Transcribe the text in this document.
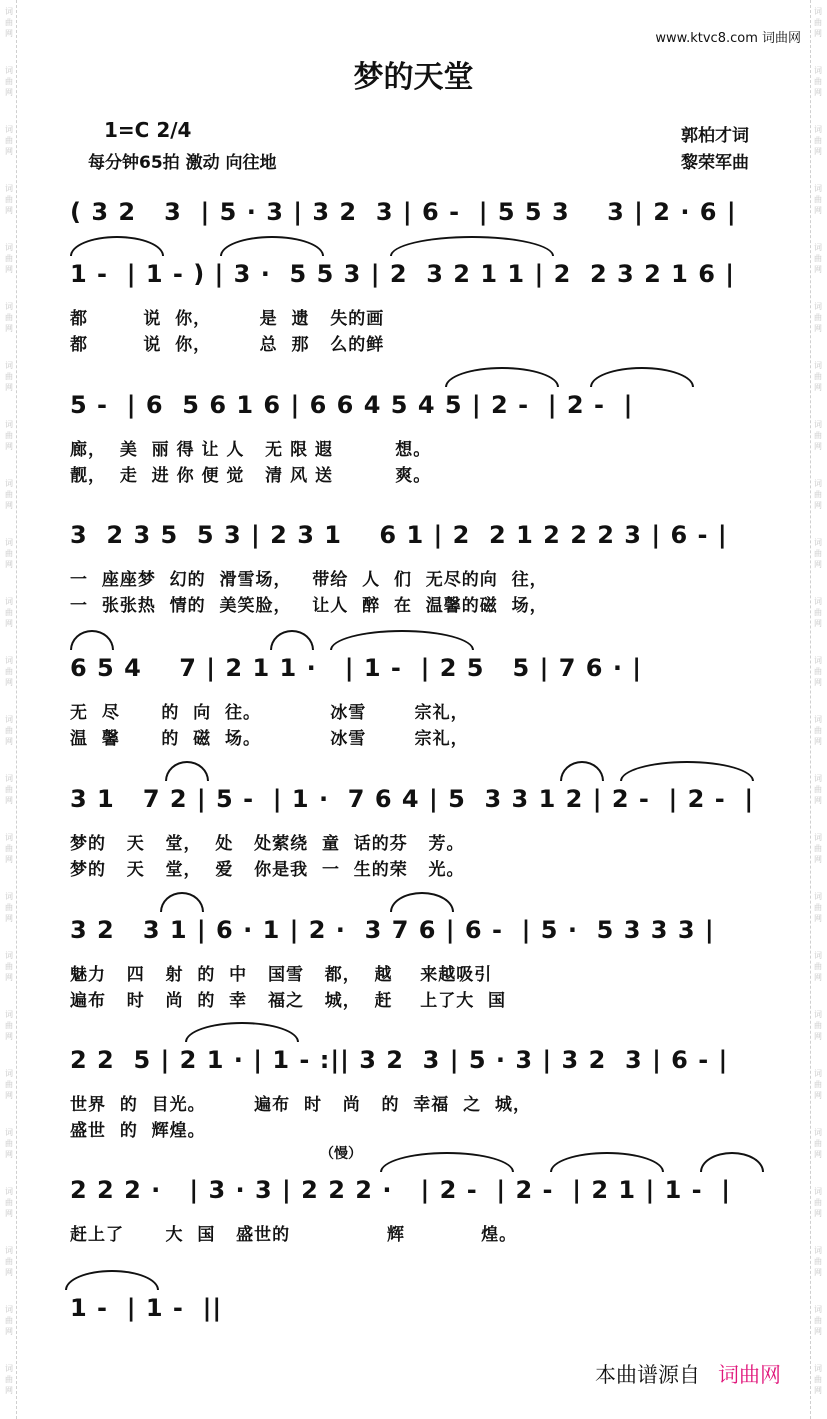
词
曲
网
词
曲
网
词
曲
网
词
曲
网
词
曲
网
词
曲
网
词
曲
网
词
曲
网
词
曲
网
词
曲
网
词
曲
网
词
曲
网
词
曲
网
词
曲
网
词
曲
网
词
曲
网
词
曲
网
词
曲
网
词
曲
网
词
曲
网
词
曲
网
词
曲
网
词
曲
网
词
曲
网
词
曲
网
词
曲
网
词
曲
网
词
曲
网
词
曲
网
词
曲
网
词
曲
网
词
曲
网
词
曲
网
词
曲
网
词
曲
网
词
曲
网
词
曲
网
词
曲
网
词
曲
网
词
曲
网
词
曲
网
词
曲
网
词
曲
网
词
曲
网
词
曲
网
词
曲
网
词
曲
网
词
曲
网
www.ktvc8.com 词曲网
梦的天堂
1=C 2/4
每分钟65拍 激动 向往地
郭柏才词
黎荣军曲
( 3 2   3  | 5 · 3 | 3 2  3 | 6 -  | 5 5 3    3 | 2 · 6 |
1 -  | 1 - ) | 3 ·  5 5 3 | 2  3 2 1 1 | 2  2 3 2 1 6 |
都        说  你，       是  遗   失的画
都        说  你，       总  那   么的鲜
5 -  | 6  5 6 1 6 | 6 6 4 5 4 5 | 2 -  | 2 -  |
廊，  美  丽 得 让 人   无 限 遐         想。
靓，  走  进 你 便 觉   清 风 送         爽。
3  2 3 5  5 3 | 2 3 1    6 1 | 2  2 1 2 2 2 3 | 6 - |
一  座座梦  幻的  滑雪场，   带给  人  们  无尽的向  往，
一  张张热  情的  美笑脸，   让人  醉  在  温馨的磁  场，
6 5 4    7 | 2 1 1 ·   | 1 -  | 2 5   5 | 7 6 · |
无  尽      的  向  往。          冰雪       宗礼，
温  馨      的  磁  场。          冰雪       宗礼，
3 1   7 2 | 5 -  | 1 ·  7 6 4 | 5  3 3 1 2 | 2 -  | 2 -  |
梦的   天   堂，  处   处萦绕  童  话的芬   芳。
梦的   天   堂，  爱   你是我  一  生的荣   光。
3 2   3 1 | 6 · 1 | 2 ·  3 7 6 | 6 -  | 5 ·  5 3 3 3 |
魅力   四   射  的  中   国雪   都，  越    来越吸引
遍布   时   尚  的  幸   福之   城，  赶    上了大  国
2 2  5 | 2 1 · | 1 - :|| 3 2  3 | 5 · 3 | 3 2  3 | 6 - |
世界  的  目光。       遍布  时   尚   的  幸福  之  城，
盛世  的  辉煌。
（慢）
2 2 2 ·   | 3 · 3 | 2 2 2 ·   | 2 -  | 2 -  | 2 1 | 1 -  |
赶上了      大  国   盛世的              辉           煌。
1 -  | 1 -  ||
本曲谱源自 词曲网
